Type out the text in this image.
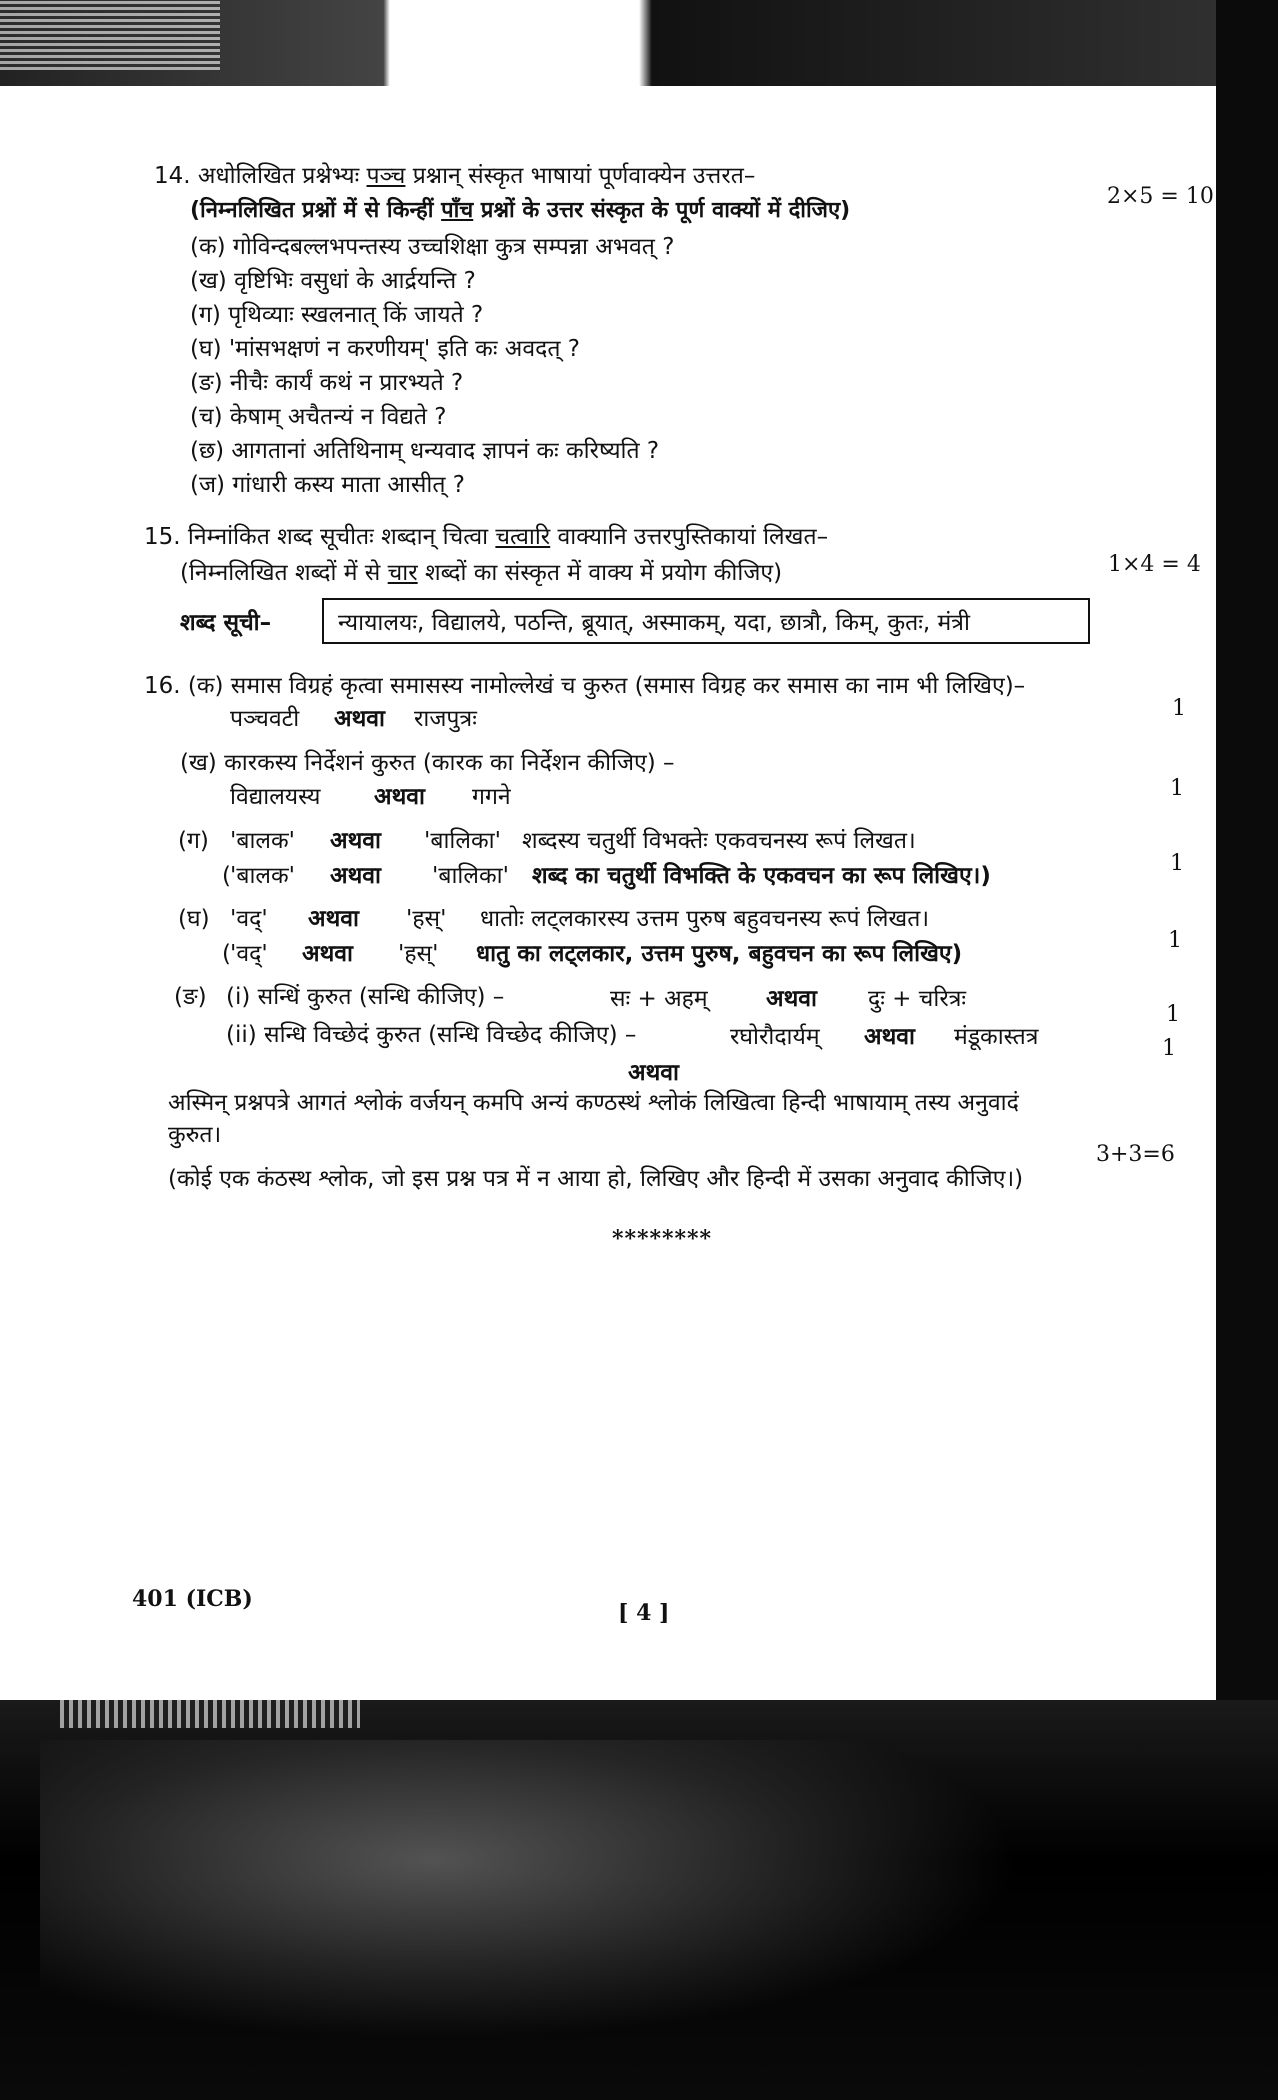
14. अधोलिखित प्रश्नेभ्यः पञ्च प्रश्नान् संस्कृत भाषायां पूर्णवाक्येन उत्तरत–
(निम्नलिखित प्रश्नों में से किन्हीं पाँच प्रश्नों के उत्तर संस्कृत के पूर्ण वाक्यों में दीजिए)
2×5 = 10
(क) गोविन्दबल्लभपन्तस्य उच्चशिक्षा कुत्र सम्पन्ना अभवत् ?
(ख) वृष्टिभिः वसुधां के आर्द्रयन्ति ?
(ग) पृथिव्याः स्खलनात् किं जायते ?
(घ) 'मांसभक्षणं न करणीयम्' इति कः अवदत् ?
(ङ) नीचैः कार्यं कथं न प्रारभ्यते ?
(च) केषाम् अचैतन्यं न विद्यते ?
(छ) आगतानां अतिथिनाम् धन्यवाद ज्ञापनं कः करिष्यति ?
(ज) गांधारी कस्य माता आसीत् ?
15. निम्नांकित शब्द सूचीतः शब्दान् चित्वा चत्वारि वाक्यानि उत्तरपुस्तिकायां लिखत–
(निम्नलिखित शब्दों में से चार शब्दों का संस्कृत में वाक्य में प्रयोग कीजिए)	1×4 = 4
शब्द सूची–	न्यायालयः, विद्यालये, पठन्ति, ब्रूयात्, अस्माकम्, यदा, छात्रौ, किम्, कुतः, मंत्री
16. (क) समास विग्रहं कृत्वा समासस्य नामोल्लेखं च कुरुत (समास विग्रह कर समास का नाम भी लिखिए)–
पञ्चवटी अथवा राजपुत्रः	1
(ख) कारकस्य निर्देशनं कुरुत (कारक का निर्देशन कीजिए) –
विद्यालयस्य अथवा गगने	1
(ग) 'बालक' अथवा 'बालिका' शब्दस्य चतुर्थी विभक्तेः एकवचनस्य रूपं लिखत।
( 'बालक' अथवा 'बालिका' शब्द का चतुर्थी विभक्ति के एकवचन का रूप लिखिए।)	1
(घ) 'वद्' अथवा 'हस्' धातोः लट्लकारस्य उत्तम पुरुष बहुवचनस्य रूपं लिखत।
( 'वद्' अथवा 'हस्' धातु का लट्लकार, उत्तम पुरुष, बहुवचन का रूप लिखिए)
1
(ङ) (i) सन्धिं कुरुत (सन्धि कीजिए) –	सः + अहम्	अथवा दुः + चरित्रः
1
(ii) सन्धि विच्छेदं कुरुत (सन्धि विच्छेद कीजिए) –	रघोरौदार्यम् अथवा मंडूकास्तत्र	1
अथवा
अस्मिन् प्रश्नपत्रे आगतं श्लोकं वर्जयन् कमपि अन्यं कण्ठस्थं श्लोकं लिखित्वा हिन्दी भाषायाम् तस्य अनुवादं
कुरुत।
3+3=6
(कोई एक कंठस्थ श्लोक, जो इस प्रश्न पत्र में न आया हो, लिखिए और हिन्दी में उसका अनुवाद कीजिए।)
********
401 (ICB)
[ 4 ]
